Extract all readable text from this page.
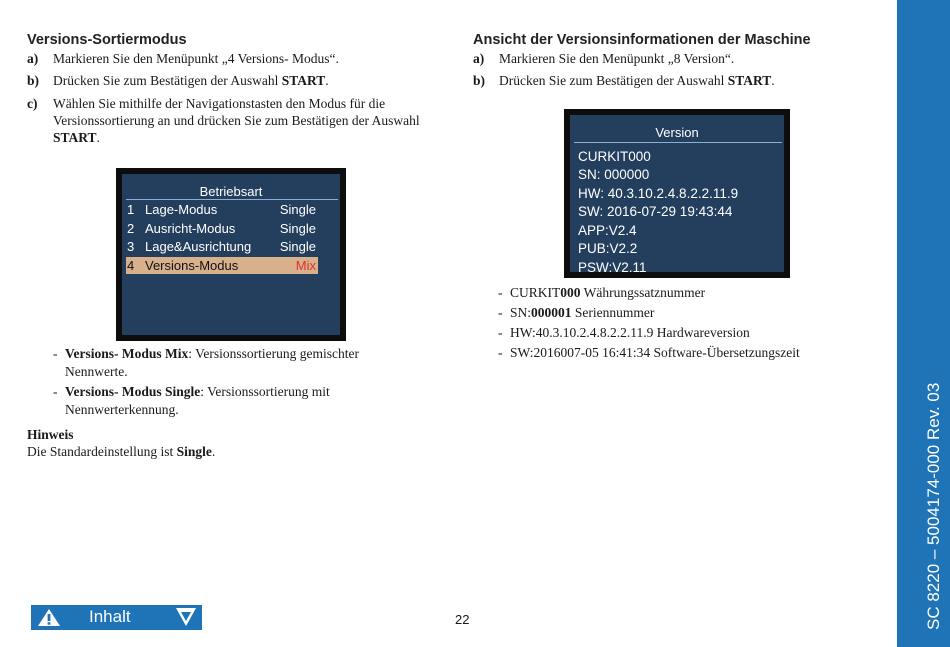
Versions-Sortiermodus
a) Markieren Sie den Menüpunkt „4 Versions- Modus“.
b) Drücken Sie zum Bestätigen der Auswahl START.
c) Wählen Sie mithilfe der Navigationstasten den Modus für die Versionssortierung an und drücken Sie zum Bestätigen der Auswahl START.
Betriebsart
1 Lage-Modus	Single
2 Ausricht-Modus	Single
3 Lage&Ausrichtung Single
4 Versions-Modus	Mix
- Versions- Modus Mix: Versionssortierung gemischter Nennwerte.
- Versions- Modus Single: Versionssortierung mit Nennwerterkennung.
Hinweis
Die Standardeinstellung ist Single.
Ansicht der Versionsinformationen der Maschine
a) Markieren Sie den Menüpunkt „8 Version“.
b) Drücken Sie zum Bestätigen der Auswahl START.
Version
CURKIT000
SN: 000000
HW: 40.3.10.2.4.8.2.2.11.9
SW: 2016-07-29 19:43:44
APP:V2.4
PUB:V2.2
PSW:V2.11
- CURKIT000 Währungssatznummer
- SN:000001 Seriennummer
- HW:40.3.10.2.4.8.2.2.11.9 Hardwareversion
- SW:2016007-05 16:41:34 Software-Übersetzungszeit
Inhalt	22	SC 8220 – 5004174-000 Rev. 03
